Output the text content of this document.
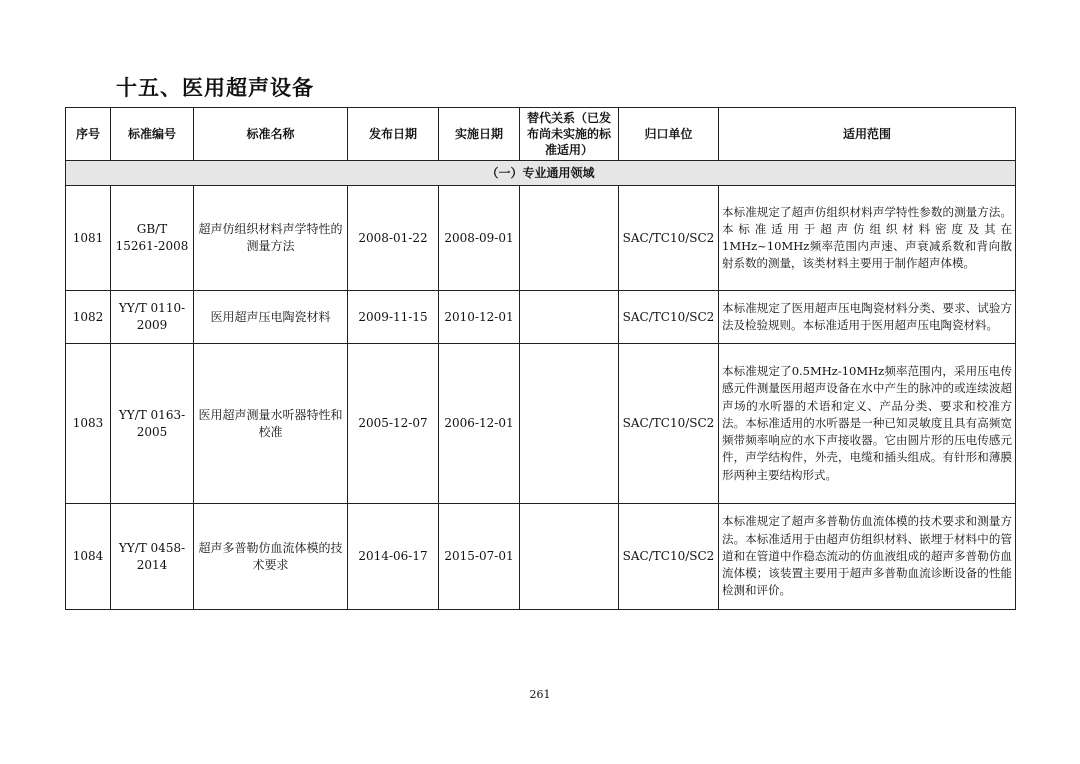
十五、医用超声设备
序号	标准编号	标准名称	发布日期	实施日期	替代关系（已发布尚未实施的标准适用）	归口单位	适用范围
（一）专业通用领域							
1081	GB/T 15261-2008	超声仿组织材料声学特性的测量方法	2008-01-22	2008-09-01		SAC/TC10/SC2	本标准规定了超声仿组织材料声学特性参数的测量方法。本标准适用于超声仿组织材料密度及其在1MHz~10MHz频率范围内声速、声衰减系数和背向散射系数的测量，该类材料主要用于制作超声体模。
1082	YY/T 0110-2009	医用超声压电陶瓷材料	2009-11-15	2010-12-01		SAC/TC10/SC2	本标准规定了医用超声压电陶瓷材料分类、要求、试验方法及检验规则。本标准适用于医用超声压电陶瓷材料。
1083	YY/T 0163-2005	医用超声测量水听器特性和校准	2005-12-07	2006-12-01		SAC/TC10/SC2	本标准规定了0.5MHz-10MHz频率范围内，采用压电传感元件测量医用超声设备在水中产生的脉冲的或连续波超声场的水听器的术语和定义、产品分类、要求和校准方法。本标准适用的水听器是一种已知灵敏度且具有高频宽频带频率响应的水下声接收器。它由圆片形的压电传感元件，声学结构件，外壳，电缆和插头组成。有针形和薄膜形两种主要结构形式。
1084	YY/T 0458-2014	超声多普勒仿血流体模的技术要求	2014-06-17	2015-07-01		SAC/TC10/SC2	本标准规定了超声多普勒仿血流体模的技术要求和测量方法。本标准适用于由超声仿组织材料、嵌埋于材料中的管道和在管道中作稳态流动的仿血液组成的超声多普勒仿血流体模；该装置主要用于超声多普勒血流诊断设备的性能检测和评价。
261
